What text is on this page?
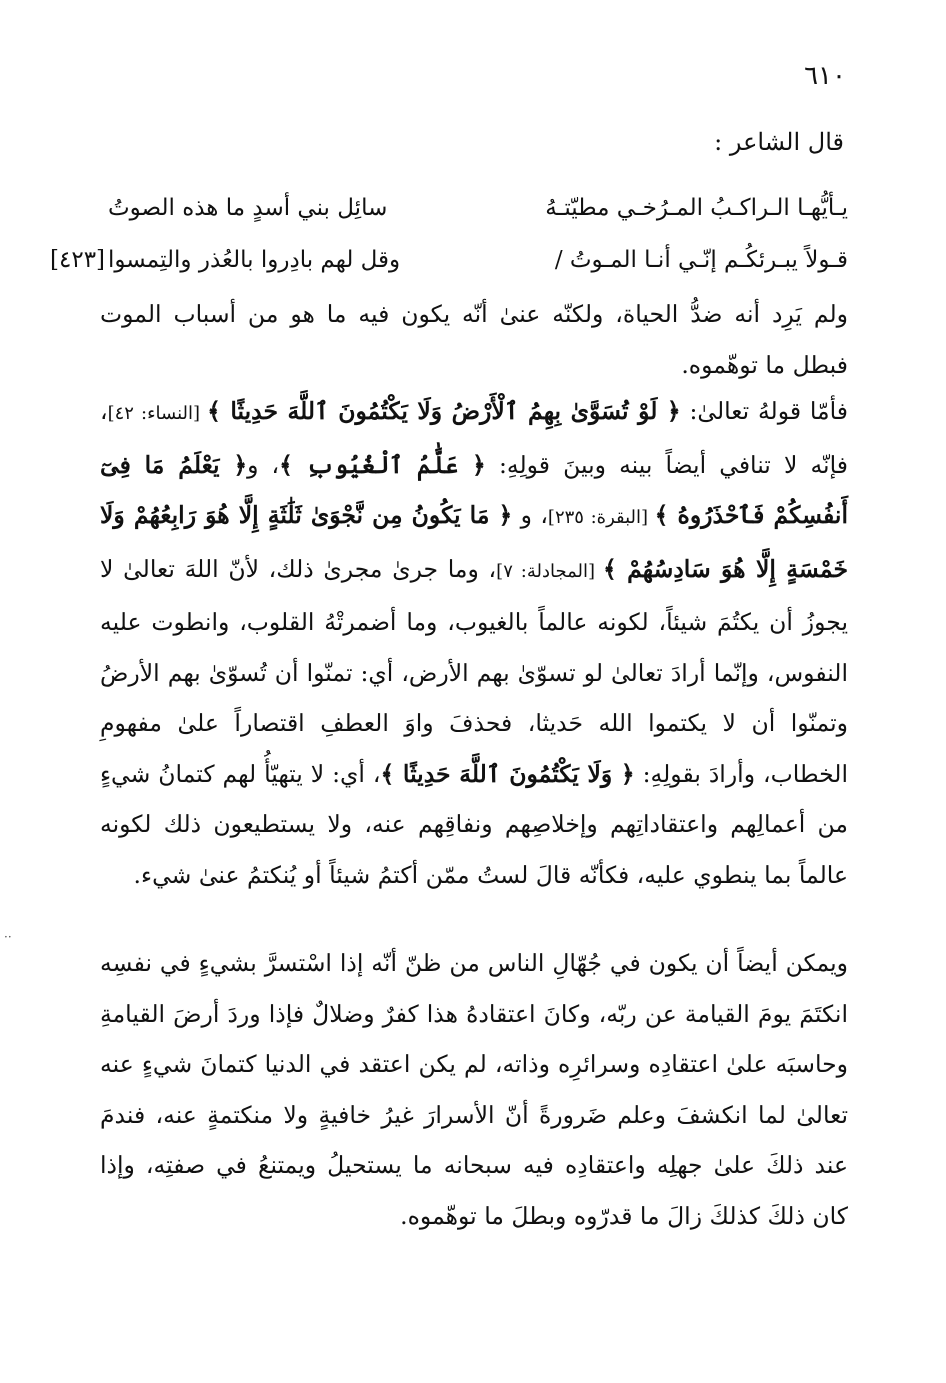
٦١٠
قال الشاعر :
يـأيُّهـا الـراكـبُ المـرُخـي مطيّتـهُ
سائِل بني أسدٍ ما هذه الصوتُ
قـولاً يبـرئكُـم إنّـي أنـا المـوتُ /
وقل لهم بادِروا بالعُذر والتِمسوا
[٤٢٣]

ولم يَرِد أنه ضدُّ الحياة، ولكنّه عنىٰ أنّه يكون فيه ما هو من أسباب الموت فبطل ما توهّموه.

فأمّا قولهُ تعالىٰ: ﴿ لَوْ تُسَوَّىٰ بِهِمُ ٱلْأَرْضُ وَلَا يَكْتُمُونَ ٱللَّهَ حَدِيثًا ﴾ [النساء: ٤٢]، فإنّه لا تنافي أيضاً بينه وبينَ قولِهِ: ﴿ عَلَّٰمُ ٱلْغُيُوبِ ﴾، و﴿ يَعْلَمُ مَا فِىٓ أَنفُسِكُمْ فَٱحْذَرُوهُ ﴾ [البقرة: ٢٣٥]، و ﴿ مَا يَكُونُ مِن نَّجْوَىٰ ثَلَٰثَةٍ إِلَّا هُوَ رَابِعُهُمْ وَلَا خَمْسَةٍ إِلَّا هُوَ سَادِسُهُمْ ﴾ [المجادلة: ٧]، وما جرىٰ مجرىٰ ذلك، لأنّ اللهَ تعالىٰ لا يجوزُ أن يكتُمَ شيئاً، لكونه عالماً بالغيوب، وما أضمرتْهُ القلوب، وانطوت عليه النفوس، وإنّما أرادَ تعالىٰ لو تسوّىٰ بهم الأرض، أي: تمنّوا أن تُسوّىٰ بهم الأرضُ وتمنّوا أن لا يكتموا الله حَديثا، فحذفَ واوَ العطفِ اقتصاراً علىٰ مفهومِ الخطاب، وأرادَ بقولِهِ: ﴿ وَلَا يَكْتُمُونَ ٱللَّهَ حَدِيثًا ﴾، أي: لا يتهيّأُ لهم كتمانُ شيءٍ من أعمالِهم واعتقاداتِهم وإخلاصِهم ونفاقِهم عنه، ولا يستطيعون ذلك لكونه عالماً بما ينطوي عليه، فكأنّه قالَ لستُ ممّن أكتمُ شيئاً أو يُنكتمُ عنىٰ شيء.

ويمكن أيضاً أن يكون في جُهّالِ الناس من ظنّ أنّه إذا اسْتسرَّ بشيءٍ في نفسِه انكتَمَ يومَ القيامة عن ربّه، وكانَ اعتقادهُ هذا كفرٌ وضلالٌ فإذا وردَ أرضَ القيامةِ وحاسبَه علىٰ اعتقادِه وسرائرِه وذاته، لم يكن اعتقد في الدنيا كتمانَ شيءٍ عنه تعالىٰ لما انكشفَ وعلم ضَرورةً أنّ الأسرارَ غيرُ خافيةٍ ولا منكتمةٍ عنه، فندمَ عند ذلكَ علىٰ جهلِه واعتقادِه فيه سبحانه ما يستحيلُ ويمتنعُ في صفتِه، وإذا كان ذلكَ كذلكَ زالَ ما قدرّوه وبطلَ ما توهّموه.

··
